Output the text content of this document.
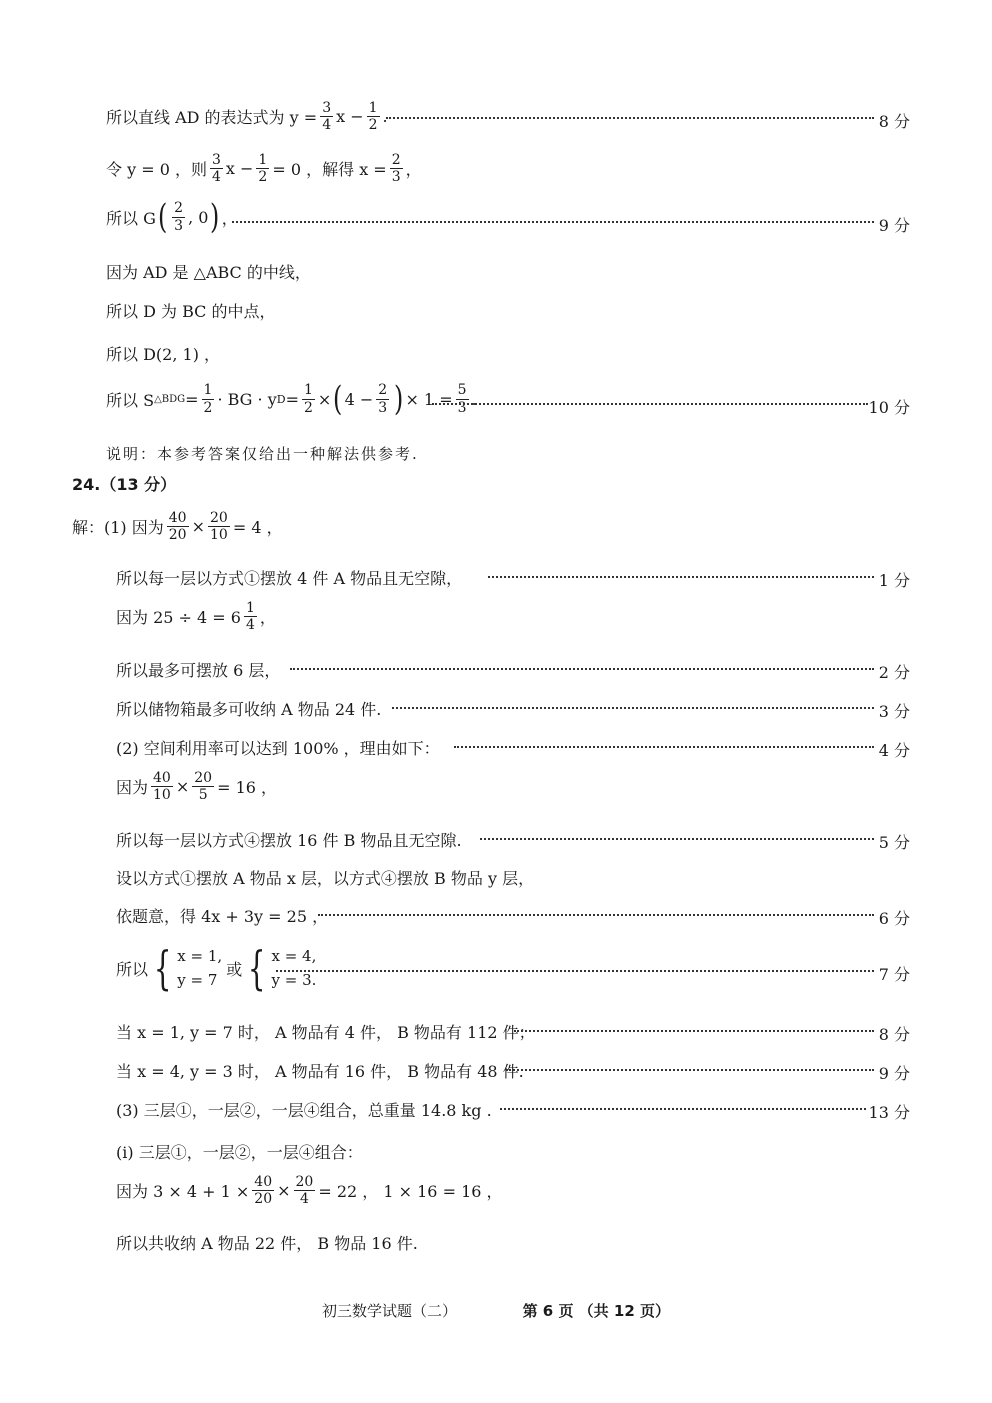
所以直线 AD 的表达式为 $y = \frac{3}{4}$ $x - \frac{1}{2}$ .	8 分
令 y = 0 ，则 $\frac{3}{4}$ $x - \frac{1}{2} = 0$ ，解得 $x = \frac{2}{3}$ ，
所以 G ( $\frac{2}{3}$ , 0 ) ，	9 分
因为 AD 是 △ABC 的中线，
所以 D 为 BC 的中点，
所以 D(2, 1) ，
所以 S △BDG = $\frac{1}{2}$ · BG · y $D = \frac{1}{2}$ × ( $4 - \frac{2}{3}$ ) × $1 = \frac{5}{3}$ .	10 分
说明：本参考答案仅给出一种解法供参考.
24.（13 分）
解：(1) 因为 $\frac{40}{20} \times \frac{20}{10} = 4$ ，
所以每一层以方式①摆放 4 件 A 物品且无空隙，	1 分
因为 $25 \div 4 = 6 \frac{1}{4}$ ，
所以最多可摆放 6 层，	2 分
所以储物箱最多可收纳 A 物品 24 件.	3 分
(2) 空间利用率可以达到 100% ，理由如下：	4 分
因为 $\frac{40}{10} \times \frac{20}{5} = 16$ ，
所以每一层以方式④摆放 16 件 B 物品且无空隙.	5 分
设以方式①摆放 A 物品 x 层，以方式④摆放 B 物品 y 层，
依题意，得 4x + 3y = 25 ，	6 分
所以 { x = 1,
y = 7
或 { x = 4,
y = 3.	7 分
当 x = 1, y = 7 时， A 物品有 4 件， B 物品有 112 件；	8 分
当 x = 4, y = 3 时， A 物品有 16 件， B 物品有 48 件.	9 分
(3) 三层①，一层②，一层④组合，总重量 14.8 kg .	13 分
(i) 三层①，一层②，一层④组合：
因为 $3 \times 4 + 1 \times \frac{40}{20} \times \frac{20}{4} = 22$ ， 1 × 16 = 16 ，
所以共收纳 A 物品 22 件， B 物品 16 件.
初三数学试题（二）	第 6 页 （共 12 页）
